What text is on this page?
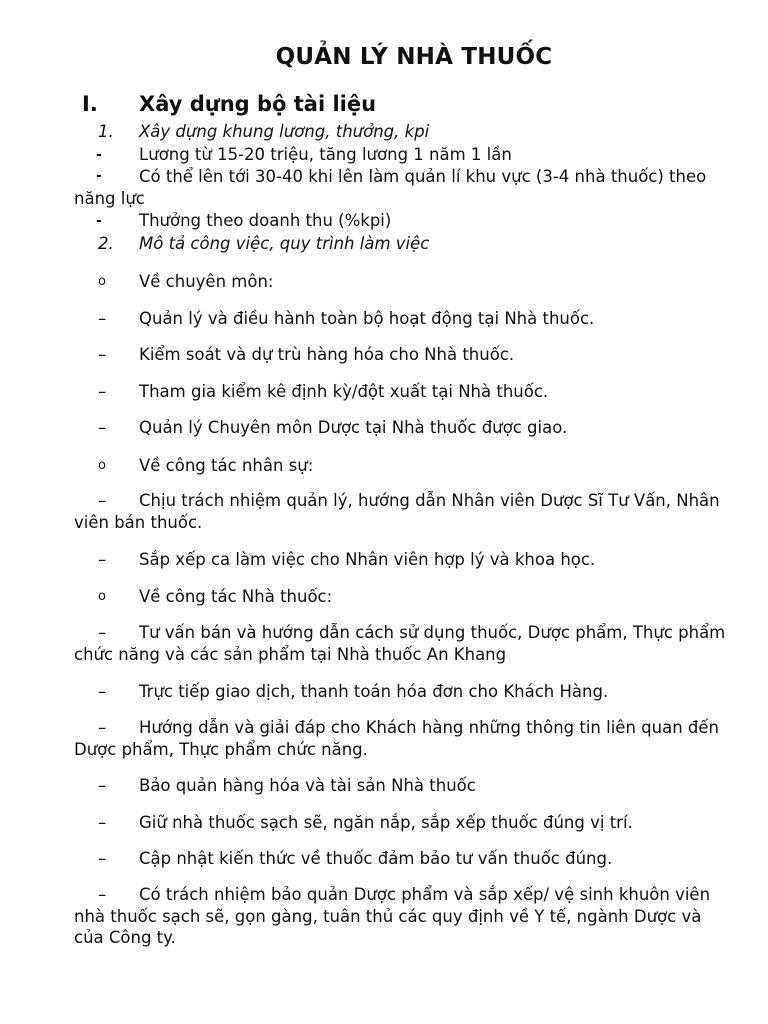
QUẢN LÝ NHÀ THUỐC
I. Xây dựng bộ tài liệu
1. Xây dựng khung lương, thưởng, kpi
- Lương từ 15-20 triệu, tăng lương 1 năm 1 lần
-	Có thể lên tới 30-40 khi lên làm quản lí khu vực (3-4 nhà thuốc) theo năng lực
- Thưởng theo doanh thu (%kpi)
2. Mô tả công việc, quy trình làm việc
o Về chuyên môn:
– Quản lý và điều hành toàn bộ hoạt động tại Nhà thuốc.
– Kiểm soát và dự trù hàng hóa cho Nhà thuốc.
– Tham gia kiểm kê định kỳ/đột xuất tại Nhà thuốc.
– Quản lý Chuyên môn Dược tại Nhà thuốc được giao.
o Về công tác nhân sự:
–	Chịu trách nhiệm quản lý, hướng dẫn Nhân viên Dược Sĩ Tư Vấn, Nhân viên bán thuốc.
– Sắp xếp ca làm việc cho Nhân viên hợp lý và khoa học.
o Về công tác Nhà thuốc:
–	Tư vấn bán và hướng dẫn cách sử dụng thuốc, Dược phẩm, Thực phẩm chức năng và các sản phẩm tại Nhà thuốc An Khang
– Trực tiếp giao dịch, thanh toán hóa đơn cho Khách Hàng.
–	Hướng dẫn và giải đáp cho Khách hàng những thông tin liên quan đến Dược phẩm, Thực phẩm chức năng.
– Bảo quản hàng hóa và tài sản Nhà thuốc
– Giữ nhà thuốc sạch sẽ, ngăn nắp, sắp xếp thuốc đúng vị trí.
– Cập nhật kiến thức về thuốc đảm bảo tư vấn thuốc đúng.
–	Có trách nhiệm bảo quản Dược phẩm và sắp xếp/ vệ sinh khuôn viên nhà thuốc sạch sẽ, gọn gàng, tuân thủ các quy định về Y tế, ngành Dược và của Công ty.
